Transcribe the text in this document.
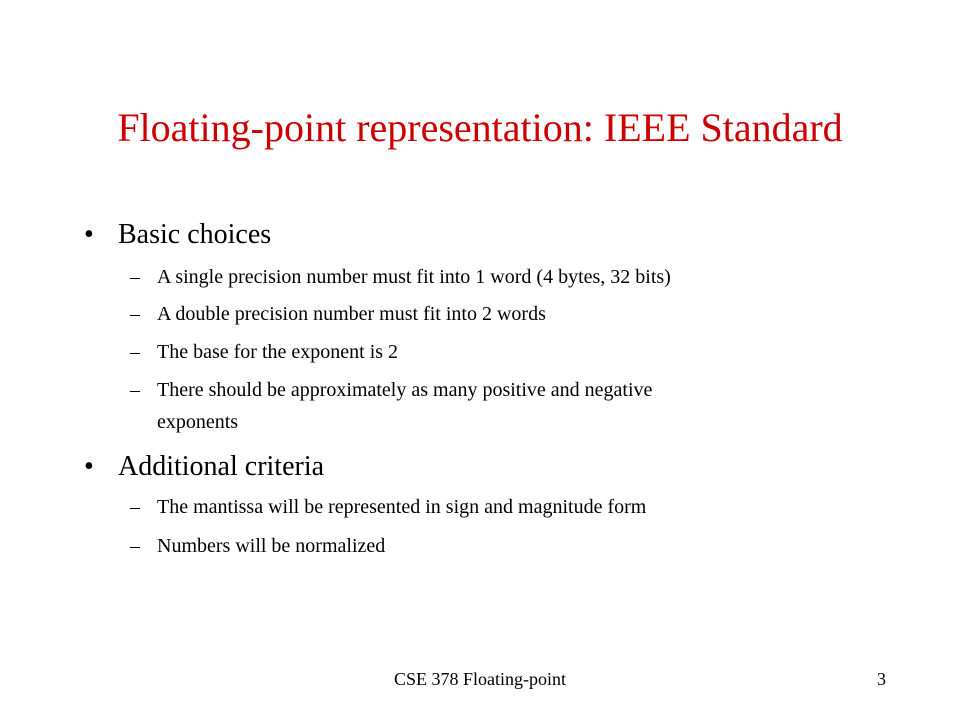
Floating-point representation: IEEE Standard
• Basic choices
– A single precision number must fit into 1 word (4 bytes, 32 bits)
– A double precision number must fit into 2 words
– The base for the exponent is 2
– There should be approximately as many positive and negative
exponents
• Additional criteria
– The mantissa will be represented in sign and magnitude form
– Numbers will be normalized
CSE 378 Floating-point	3
